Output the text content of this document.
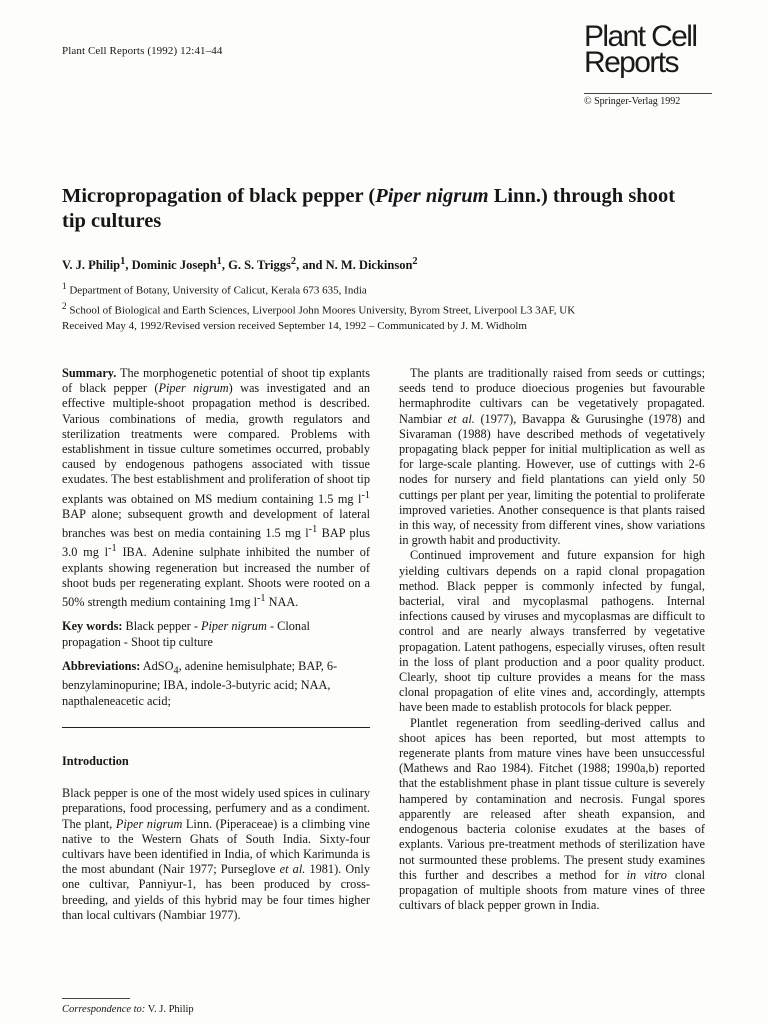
Plant Cell Reports (1992) 12:41–44	Plant Cell
Reports
© Springer-Verlag 1992
Micropropagation of black pepper (Piper nigrum Linn.) through shoot tip cultures
V. J. Philip$^1$, Dominic Joseph$^1$, G. S. Triggs$^2$, and N. M. Dickinson$^2$
$^1$ Department of Botany, University of Calicut, Kerala 673 635, India
$^2$ School of Biological and Earth Sciences, Liverpool John Moores University, Byrom Street, Liverpool L3 3AF, UK
Received May 4, 1992/Revised version received September 14, 1992 – Communicated by J. M. Widholm

Summary. The morphogenetic potential of shoot tip explants of black pepper (Piper nigrum) was investigated and an effective multiple-shoot propagation method is described. Various combinations of media, growth regulators and sterilization treatments were compared. Problems with establishment in tissue culture sometimes occurred, probably caused by endogenous pathogens associated with tissue exudates. The best establishment and proliferation of shoot tip explants was obtained on MS medium containing 1.5 mg $l^{-1}$ BAP alone; subsequent growth and development of lateral branches was best on media containing 1.5 mg $l^{-1}$ BAP plus 3.0 mg $l^{-1}$ IBA. Adenine sulphate inhibited the number of explants showing regeneration but increased the number of shoot buds per regenerating explant. Shoots were rooted on a 50% strength medium containing 1mg $l^{-1}$ NAA.

Key words: Black pepper - Piper nigrum - Clonal propagation - Shoot tip culture

Abbreviations: AdSO$_4$, adenine hemisulphate; BAP, 6-benzylaminopurine; IBA, indole-3-butyric acid; NAA, napthaleneacetic acid;

Introduction

Black pepper is one of the most widely used spices in culinary preparations, food processing, perfumery and as a condiment. The plant, Piper nigrum Linn. (Piperaceae) is a climbing vine native to the Western Ghats of South India. Sixty-four cultivars have been identified in India, of which Karimunda is the most abundant (Nair 1977; Purseglove et al. 1981). Only one cultivar, Panniyur-1, has been produced by cross-breeding, and yields of this hybrid may be four times higher than local cultivars (Nambiar 1977).

The plants are traditionally raised from seeds or cuttings; seeds tend to produce dioecious progenies but favourable hermaphrodite cultivars can be vegetatively propagated. Nambiar et al. (1977), Bavappa & Gurusinghe (1978) and Sivaraman (1988) have described methods of vegetatively propagating black pepper for initial multiplication as well as for large-scale planting. However, use of cuttings with 2-6 nodes for nursery and field plantations can yield only 50 cuttings per plant per year, limiting the potential to proliferate improved varieties. Another consequence is that plants raised in this way, of necessity from different vines, show variations in growth habit and productivity.

Continued improvement and future expansion for high yielding cultivars depends on a rapid clonal propagation method. Black pepper is commonly infected by fungal, bacterial, viral and mycoplasmal pathogens. Internal infections caused by viruses and mycoplasmas are difficult to control and are nearly always transferred by vegetative propagation. Latent pathogens, especially viruses, often result in the loss of plant production and a poor quality product. Clearly, shoot tip culture provides a means for the mass clonal propagation of elite vines and, accordingly, attempts have been made to establish protocols for black pepper.

Plantlet regeneration from seedling-derived callus and shoot apices has been reported, but most attempts to regenerate plants from mature vines have been unsuccessful (Mathews and Rao 1984). Fitchet (1988; 1990a,b) reported that the establishment phase in plant tissue culture is severely hampered by contamination and necrosis. Fungal spores apparently are released after sheath expansion, and endogenous bacteria colonise exudates at the bases of explants. Various pre-treatment methods of sterilization have not surmounted these problems. The present study examines this further and describes a method for in vitro clonal propagation of multiple shoots from mature vines of three cultivars of black pepper grown in India.

Correspondence to: V. J. Philip
